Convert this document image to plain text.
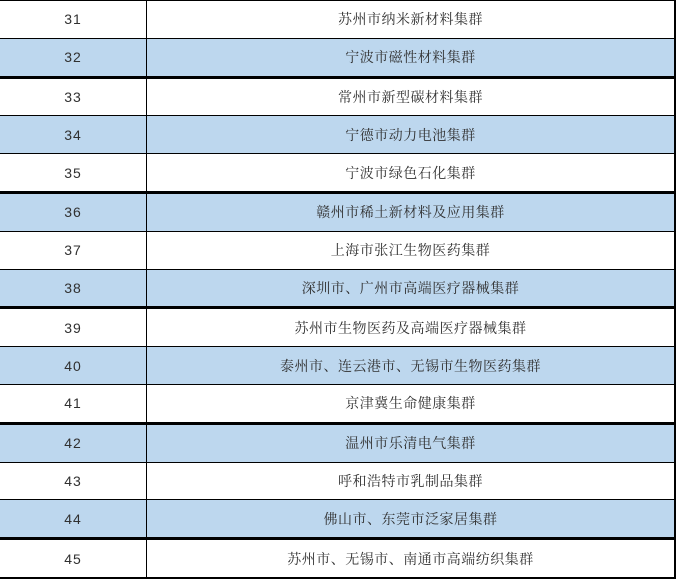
31	苏州市纳米新材料集群
32	宁波市磁性材料集群
33	常州市新型碳材料集群
34	宁德市动力电池集群
35	宁波市绿色石化集群
36	赣州市稀土新材料及应用集群
37	上海市张江生物医药集群
38	深圳市、广州市高端医疗器械集群
39	苏州市生物医药及高端医疗器械集群
40	泰州市、连云港市、无锡市生物医药集群
41	京津冀生命健康集群
42	温州市乐清电气集群
43	呼和浩特市乳制品集群
44	佛山市、东莞市泛家居集群
45	苏州市、无锡市、南通市高端纺织集群
